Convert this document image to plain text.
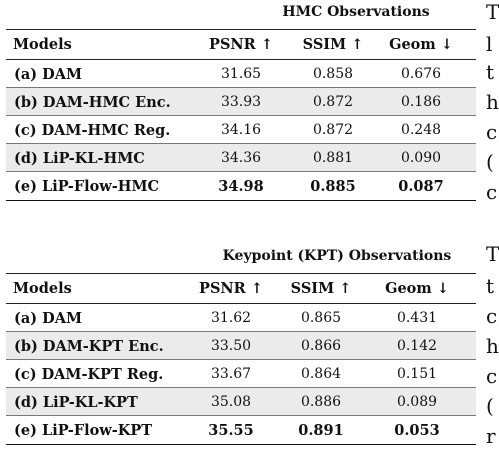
HMC Observations
Models	PSNR ↑	SSIM ↑	Geom ↓
(a) DAM	31.65	0.858	0.676
(b) DAM-HMC Enc.	33.93	0.872	0.186
(c) DAM-HMC Reg.	34.16	0.872	0.248
(d) LiP-KL-HMC	34.36	0.881	0.090
(e) LiP-Flow-HMC	34.98	0.885	0.087
Keypoint (KPT) Observations
Models	PSNR ↑	SSIM ↑	Geom ↓
(a) DAM	31.62	0.865	0.431
(b) DAM-KPT Enc.	33.50	0.866	0.142
(c) DAM-KPT Reg.	33.67	0.864	0.151
(d) LiP-KL-KPT	35.08	0.886	0.089
(e) LiP-Flow-KPT	35.55	0.891	0.053
T
l
t
h
c
(
c
T
t
c
h
c
(
r
